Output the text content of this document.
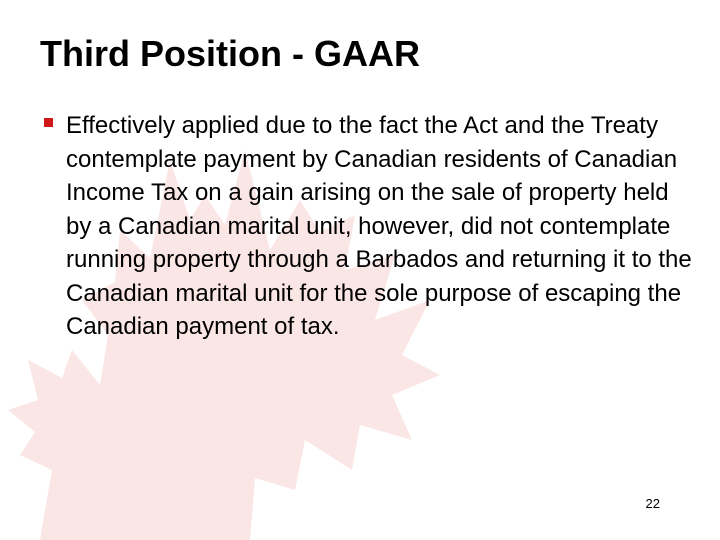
Third Position - GAAR

Effectively applied due to the fact the Act and the Treaty contemplate payment by Canadian residents of Canadian Income Tax on a gain arising on the sale of property held by a Canadian marital unit, however, did not contemplate running property through a Barbados and returning it to the Canadian marital unit for the sole purpose of escaping the Canadian payment of tax.

22
